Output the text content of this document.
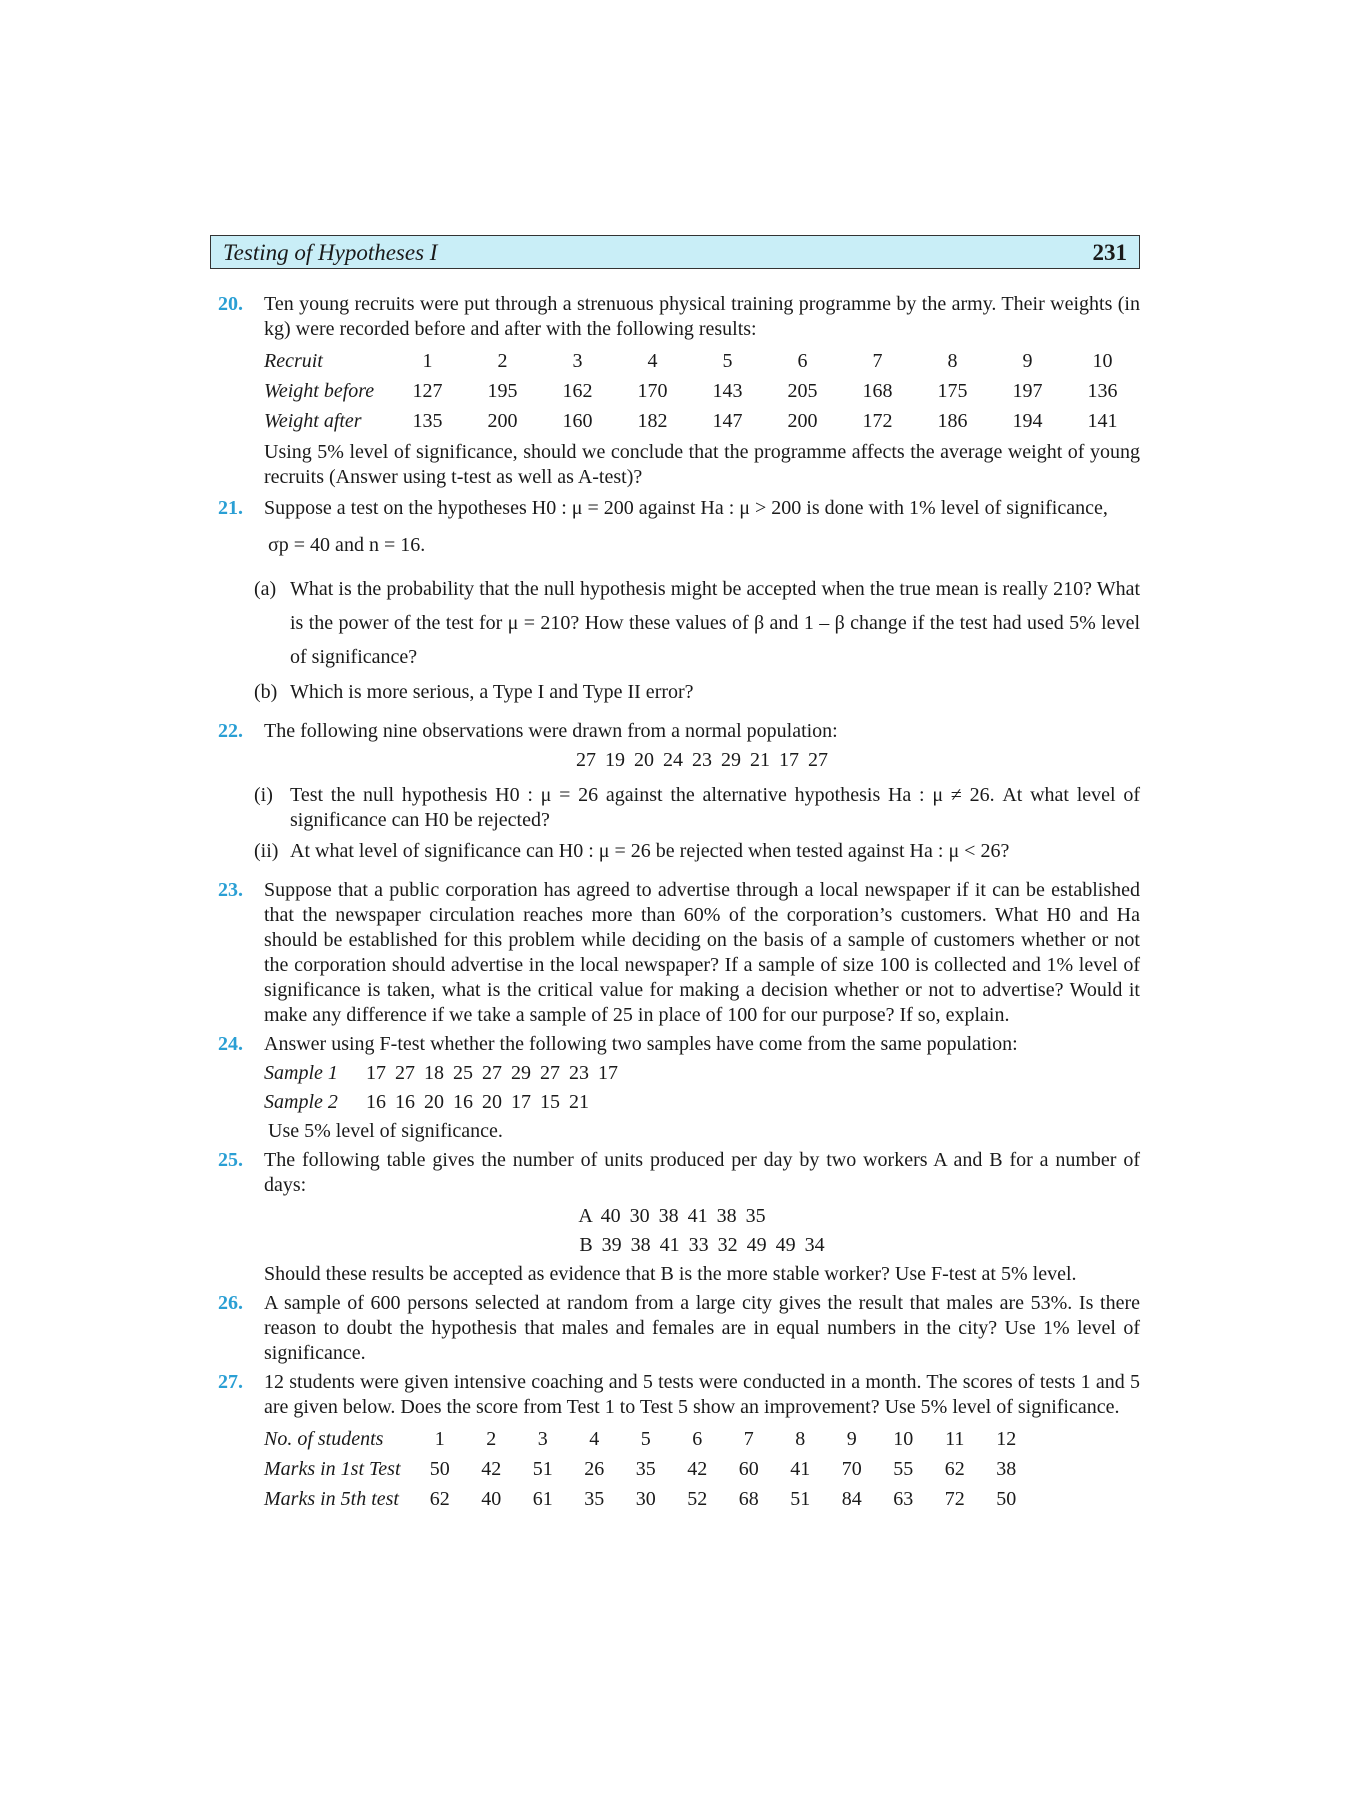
Testing of Hypotheses I	231
20. Ten young recruits were put through a strenuous physical training programme by the army. Their weights (in kg) were recorded before and after with the following results:
Recruit	1	2	3	4	5	6	7	8	9	10
Weight before	127	195	162	170	143	205	168	175	197	136
Weight after	135	200	160	182	147	200	172	186	194	141
Using 5% level of significance, should we conclude that the programme affects the average weight of young recruits (Answer using t-test as well as A-test)?
21. Suppose a test on the hypotheses H0 : μ = 200 against Ha : μ > 200 is done with 1% level of significance,
σp = 40 and n = 16.
(a) What is the probability that the null hypothesis might be accepted when the true mean is really 210? What is the power of the test for μ = 210? How these values of β and 1 – β change if the test had used 5% level of significance?
(b) Which is more serious, a Type I and Type II error?
22. The following nine observations were drawn from a normal population:
27 19 20 24 23 29 21 17 27
(i) Test the null hypothesis H0 : μ = 26 against the alternative hypothesis Ha : μ ≠ 26. At what level of significance can H0 be rejected?
(ii) At what level of significance can H0 : μ = 26 be rejected when tested against Ha : μ < 26?
23. Suppose that a public corporation has agreed to advertise through a local newspaper if it can be established that the newspaper circulation reaches more than 60% of the corporation’s customers. What H0 and Ha should be established for this problem while deciding on the basis of a sample of customers whether or not the corporation should advertise in the local newspaper? If a sample of size 100 is collected and 1% level of significance is taken, what is the critical value for making a decision whether or not to advertise? Would it make any difference if we take a sample of 25 in place of 100 for our purpose? If so, explain.
24. Answer using F-test whether the following two samples have come from the same population:
Sample 1 17 27 18 25 27 29 27 23 17
Sample 2 16 16 20 16 20 17 15 21
Use 5% level of significance.
25. The following table gives the number of units produced per day by two workers A and B for a number of days:
A 40 30 38 41 38 35
B 39 38 41 33 32 49 49 34
Should these results be accepted as evidence that B is the more stable worker? Use F-test at 5% level.
26. A sample of 600 persons selected at random from a large city gives the result that males are 53%. Is there reason to doubt the hypothesis that males and females are in equal numbers in the city? Use 1% level of significance.
27. 12 students were given intensive coaching and 5 tests were conducted in a month. The scores of tests 1 and 5 are given below. Does the score from Test 1 to Test 5 show an improvement? Use 5% level of significance.
No. of students	1	2	3	4	5	6	7	8	9	10	11	12
Marks in 1st Test	50	42	51	26	35	42	60	41	70	55	62	38
Marks in 5th test	62	40	61	35	30	52	68	51	84	63	72	50
